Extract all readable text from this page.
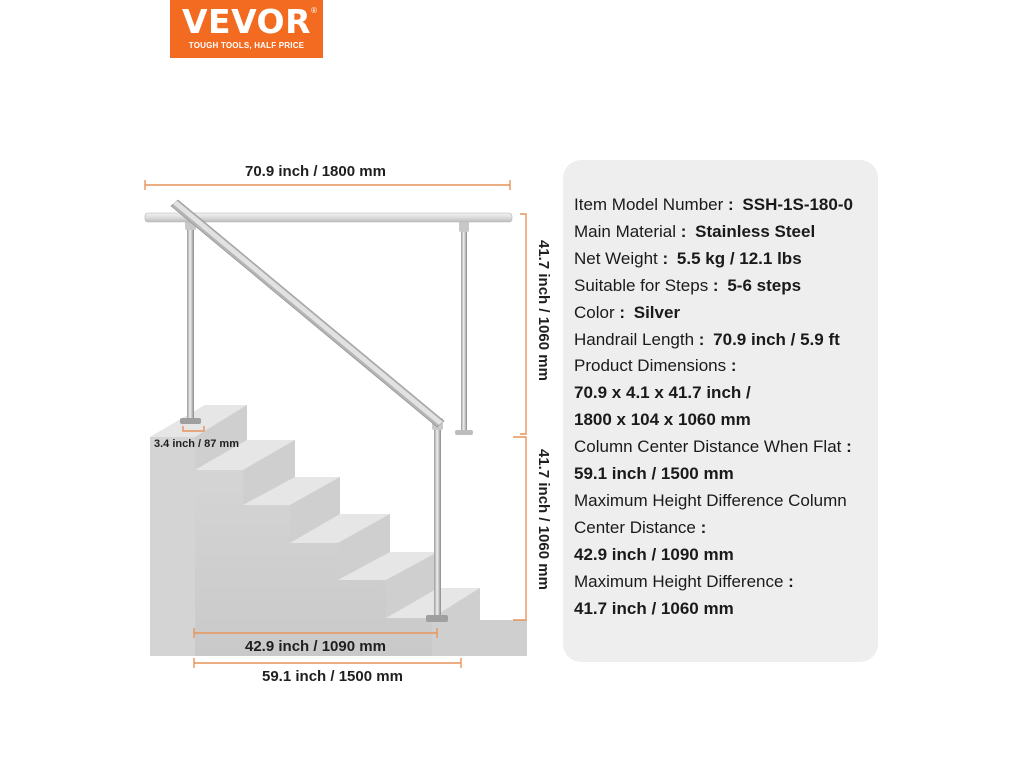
VEVOR ®
TOUGH TOOLS, HALF PRICE
70.9 inch / 1800 mm
41.7 inch / 1060 mm
41.7 inch / 1060 mm
3.4 inch / 87 mm
42.9 inch / 1090 mm
59.1 inch / 1500 mm
Item Model Number : SSH-1S-180-0
Main Material : Stainless Steel
Net Weight : 5.5 kg / 12.1 lbs
Suitable for Steps : 5-6 steps
Color : Silver
Handrail Length : 70.9 inch / 5.9 ft
Product Dimensions :
70.9 x 4.1 x 41.7 inch /
1800 x 104 x 1060 mm
Column Center Distance When Flat :
59.1 inch / 1500 mm
Maximum Height Difference Column
Center Distance :
42.9 inch / 1090 mm
Maximum Height Difference :
41.7 inch / 1060 mm
